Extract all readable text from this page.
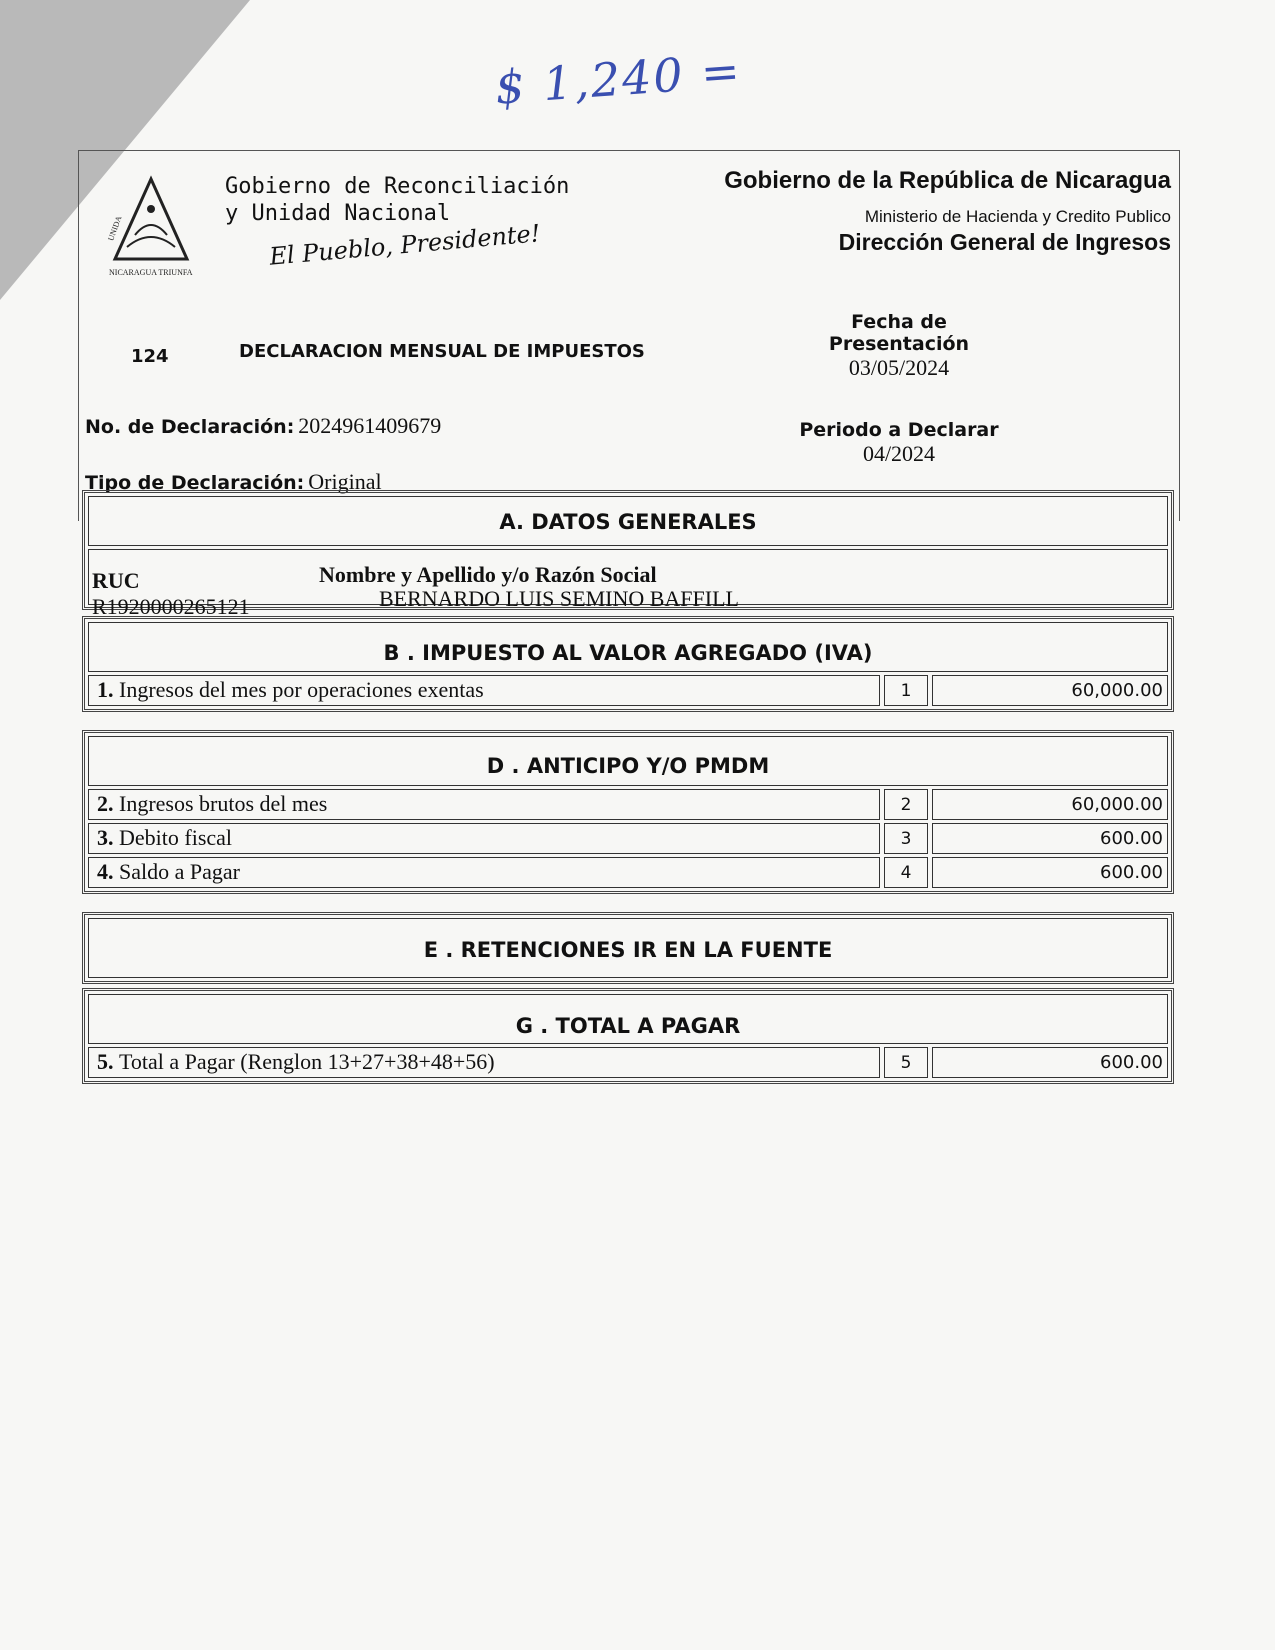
$ 1,240 =
UNIDA
NICARAGUA TRIUNFA
Gobierno de Reconciliación
y Unidad Nacional
El Pueblo, Presidente!
Gobierno de la República de Nicaragua
Ministerio de Hacienda y Credito Publico
Dirección General de Ingresos
124	DECLARACION MENSUAL DE IMPUESTOS
Fecha de Presentación
03/05/2024
Periodo a Declarar
04/2024
No. de Declaración: 2024961409679
Tipo de Declaración: Original
A. DATOS GENERALES
RUC
R1920000265121
Nombre y Apellido y/o Razón Social
BERNARDO LUIS SEMINO BAFFILL
B . IMPUESTO AL VALOR AGREGADO (IVA)
1.
Ingresos del mes por operaciones exentas	1	60,000.00
D . ANTICIPO Y/O PMDM
2.
Ingresos brutos del mes	2	60,000.00
3.
Debito fiscal	3	600.00
4.
Saldo a Pagar	4	600.00
E . RETENCIONES IR EN LA FUENTE
G . TOTAL A PAGAR
5.
Total a Pagar (Renglon 13+27+38+48+56)	5	600.00
